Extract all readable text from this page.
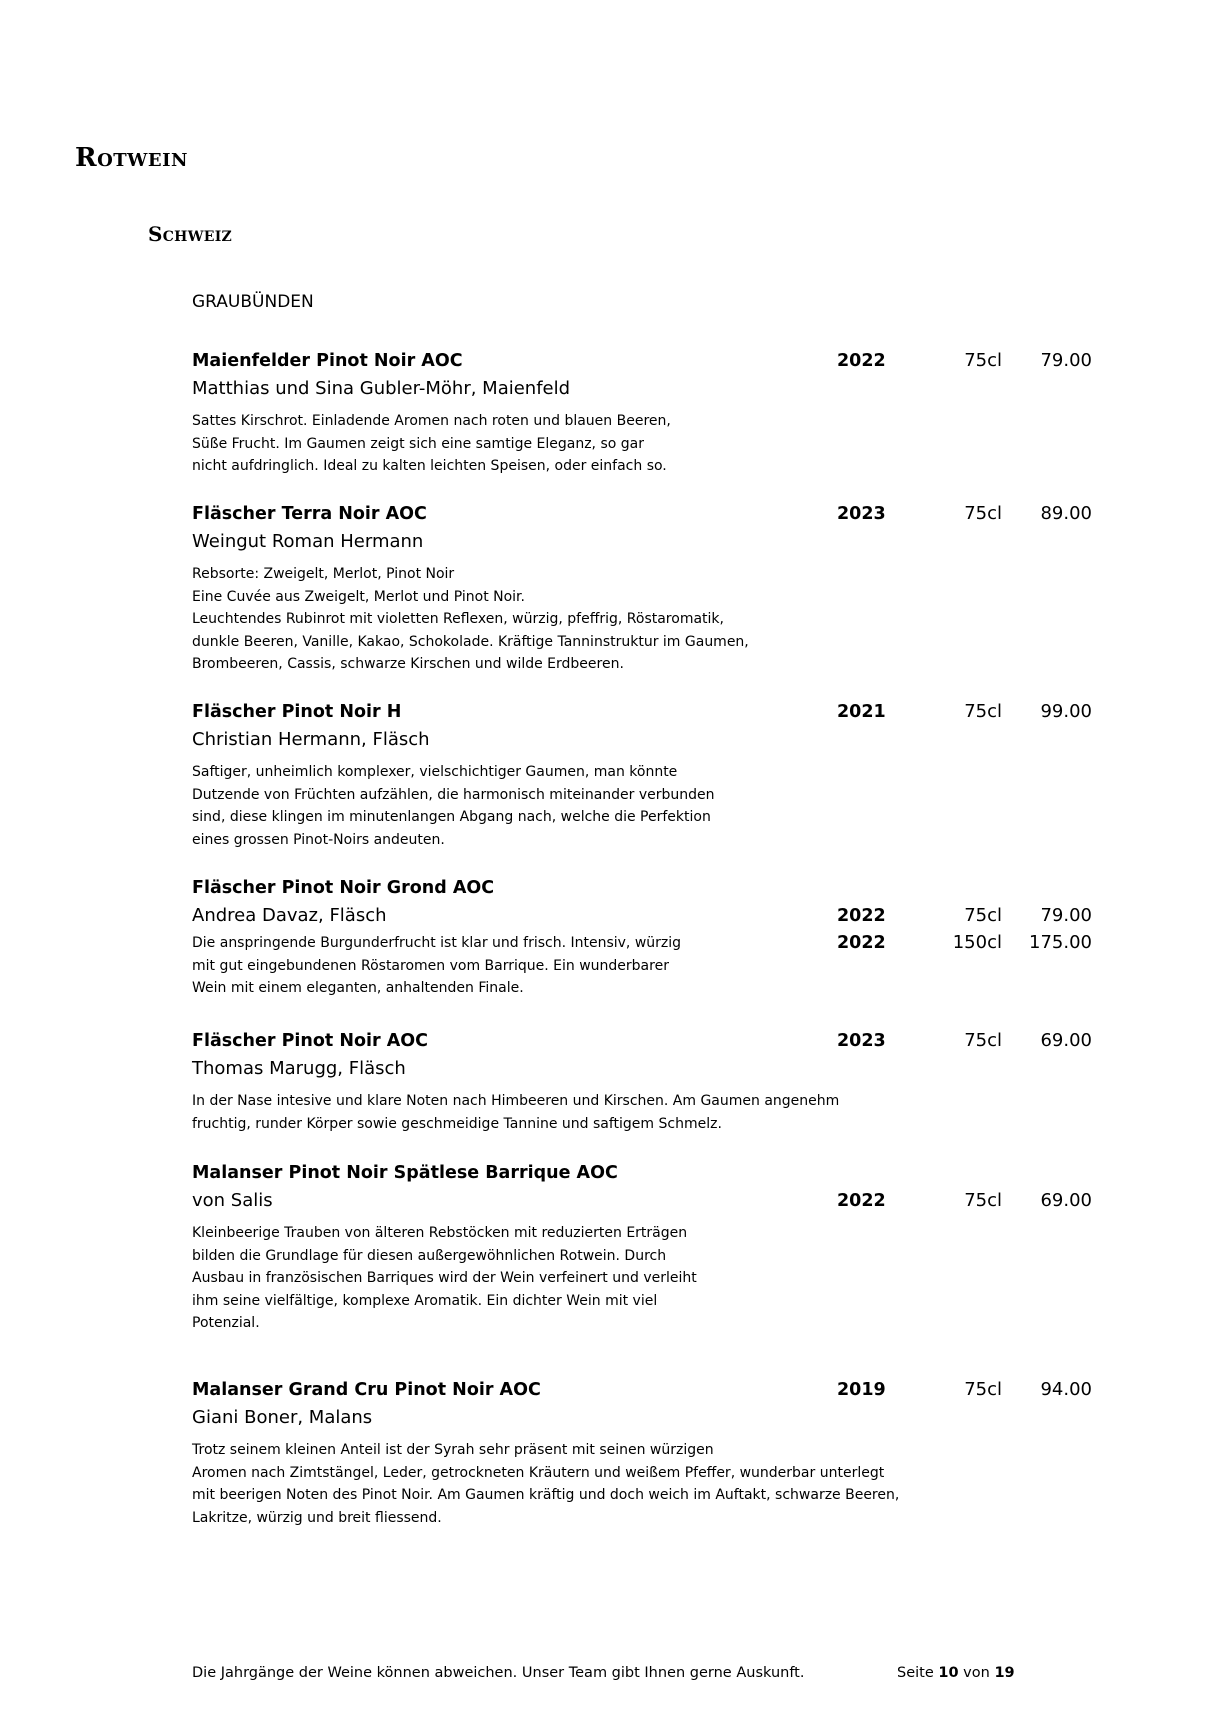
Rotwein
Schweiz

GRAUBÜNDEN

Maienfelder Pinot Noir AOC	2022	75cl 79.00
Matthias und Sina Gubler-Möhr, Maienfeld
Sattes Kirschrot. Einladende Aromen nach roten und blauen Beeren,
Süße Frucht. Im Gaumen zeigt sich eine samtige Eleganz, so gar
nicht aufdringlich. Ideal zu kalten leichten Speisen, oder einfach so.
Fläscher Terra Noir AOC	2023	75cl 89.00
Weingut Roman Hermann
Rebsorte: Zweigelt, Merlot, Pinot Noir
Eine Cuvée aus Zweigelt, Merlot und Pinot Noir.
Leuchtendes Rubinrot mit violetten Reflexen, würzig, pfeffrig, Röstaromatik,
dunkle Beeren, Vanille, Kakao, Schokolade. Kräftige Tanninstruktur im Gaumen,
Brombeeren, Cassis, schwarze Kirschen und wilde Erdbeeren.
Fläscher Pinot Noir H	2021	75cl 99.00
Christian Hermann, Fläsch
Saftiger, unheimlich komplexer, vielschichtiger Gaumen, man könnte
Dutzende von Früchten aufzählen, die harmonisch miteinander verbunden
sind, diese klingen im minutenlangen Abgang nach, welche die Perfektion
eines grossen Pinot-Noirs andeuten.
Fläscher Pinot Noir Grond AOC
Andrea Davaz, Fläsch	2022	75cl 79.00
2022	150cl 175.00
Die anspringende Burgunderfrucht ist klar und frisch. Intensiv, würzig
mit gut eingebundenen Röstaromen vom Barrique. Ein wunderbarer
Wein mit einem eleganten, anhaltenden Finale.
Fläscher Pinot Noir AOC	2023	75cl 69.00
Thomas Marugg, Fläsch
In der Nase intesive und klare Noten nach Himbeeren und Kirschen. Am Gaumen angenehm
fruchtig, runder Körper sowie geschmeidige Tannine und saftigem Schmelz.
Malanser Pinot Noir Spätlese Barrique AOC
von Salis	2022	75cl 69.00
Kleinbeerige Trauben von älteren Rebstöcken mit reduzierten Erträgen
bilden die Grundlage für diesen außergewöhnlichen Rotwein. Durch
Ausbau in französischen Barriques wird der Wein verfeinert und verleiht
ihm seine vielfältige, komplexe Aromatik. Ein dichter Wein mit viel
Potenzial.
Malanser Grand Cru Pinot Noir AOC	2019	75cl 94.00
Giani Boner, Malans
Trotz seinem kleinen Anteil ist der Syrah sehr präsent mit seinen würzigen
Aromen nach Zimtstängel, Leder, getrockneten Kräutern und weißem Pfeffer, wunderbar unterlegt
mit beerigen Noten des Pinot Noir. Am Gaumen kräftig und doch weich im Auftakt, schwarze Beeren,
Lakritze, würzig und breit fliessend.
Die Jahrgänge der Weine können abweichen. Unser Team gibt Ihnen gerne Auskunft.	Seite 10 von 19
